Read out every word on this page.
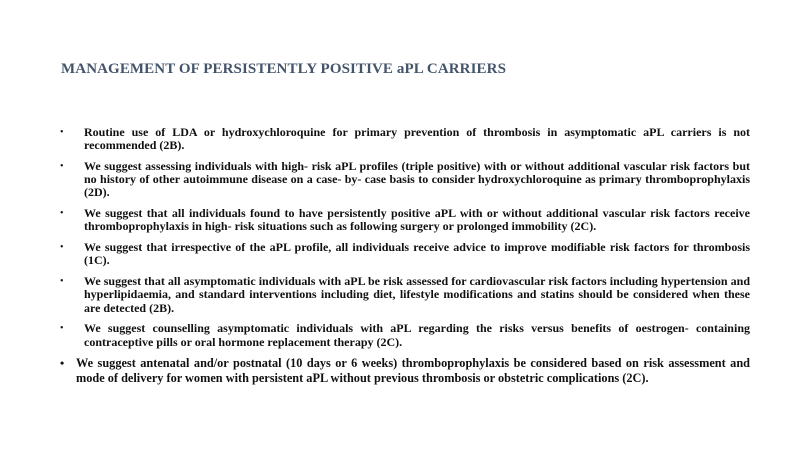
MANAGEMENT OF PERSISTENTLY POSITIVE aPL CARRIERS
• Routine use of LDA or hydroxychloroquine for primary prevention of thrombosis in asymptomatic aPL carriers is not recommended (2B).
• We suggest assessing individuals with high- risk aPL profiles (triple positive) with or without additional vascular risk factors but no history of other autoimmune disease on a case- by- case basis to consider hydroxychloroquine as primary thromboprophylaxis (2D).
• We suggest that all individuals found to have persistently positive aPL with or without additional vascular risk factors receive thromboprophylaxis in high- risk situations such as following surgery or prolonged immobility (2C).
• We suggest that irrespective of the aPL profile, all individuals receive advice to improve modifiable risk factors for thrombosis (1C).
• We suggest that all asymptomatic individuals with aPL be risk assessed for cardiovascular risk factors including hypertension and hyperlipidaemia, and standard interventions including diet, lifestyle modifications and statins should be considered when these are detected (2B).
• We suggest counselling asymptomatic individuals with aPL regarding the risks versus benefits of oestrogen- containing contraceptive pills or oral hormone replacement therapy (2C).
• We suggest antenatal and/or postnatal (10 days or 6 weeks) thromboprophylaxis be considered based on risk assessment and mode of delivery for women with persistent aPL without previous thrombosis or obstetric complications (2C).
